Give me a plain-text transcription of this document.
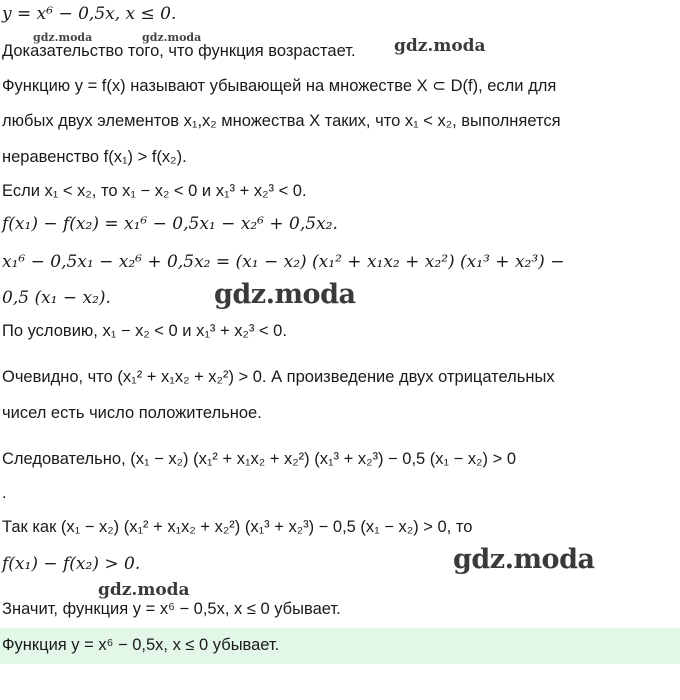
y = x⁶ − 0,5x, x ≤ 0.
Доказательство того, что функция возрастает.
Функцию y = f(x) называют убывающей на множестве X ⊂ D(f), если для
любых двух элементов x₁,x₂ множества X таких, что x₁ < x₂, выполняется
неравенство f(x₁) > f(x₂).
Если x₁ < x₂, то x₁ − x₂ < 0 и x₁³ + x₂³ < 0.
f(x₁) − f(x₂) = x₁⁶ − 0,5x₁ − x₂⁶ + 0,5x₂.
x₁⁶ − 0,5x₁ − x₂⁶ + 0,5x₂ = (x₁ − x₂) (x₁² + x₁x₂ + x₂²) (x₁³ + x₂³) −
0,5 (x₁ − x₂).
По условию, x₁ − x₂ < 0 и x₁³ + x₂³ < 0.
Очевидно, что (x₁² + x₁x₂ + x₂²) > 0. А произведение двух отрицательных
чисел есть число положительное.
Следовательно, (x₁ − x₂) (x₁² + x₁x₂ + x₂²) (x₁³ + x₂³) − 0,5 (x₁ − x₂) > 0
.
Так как (x₁ − x₂) (x₁² + x₁x₂ + x₂²) (x₁³ + x₂³) − 0,5 (x₁ − x₂) > 0, то
f(x₁) − f(x₂) > 0.
Значит, функция y = x⁶ − 0,5x, x ≤ 0 убывает.
Функция y = x⁶ − 0,5x, x ≤ 0 убывает.
gdz.moda	gdz.moda	gdz.moda
gdz.moda
gdz.moda
gdz.moda
